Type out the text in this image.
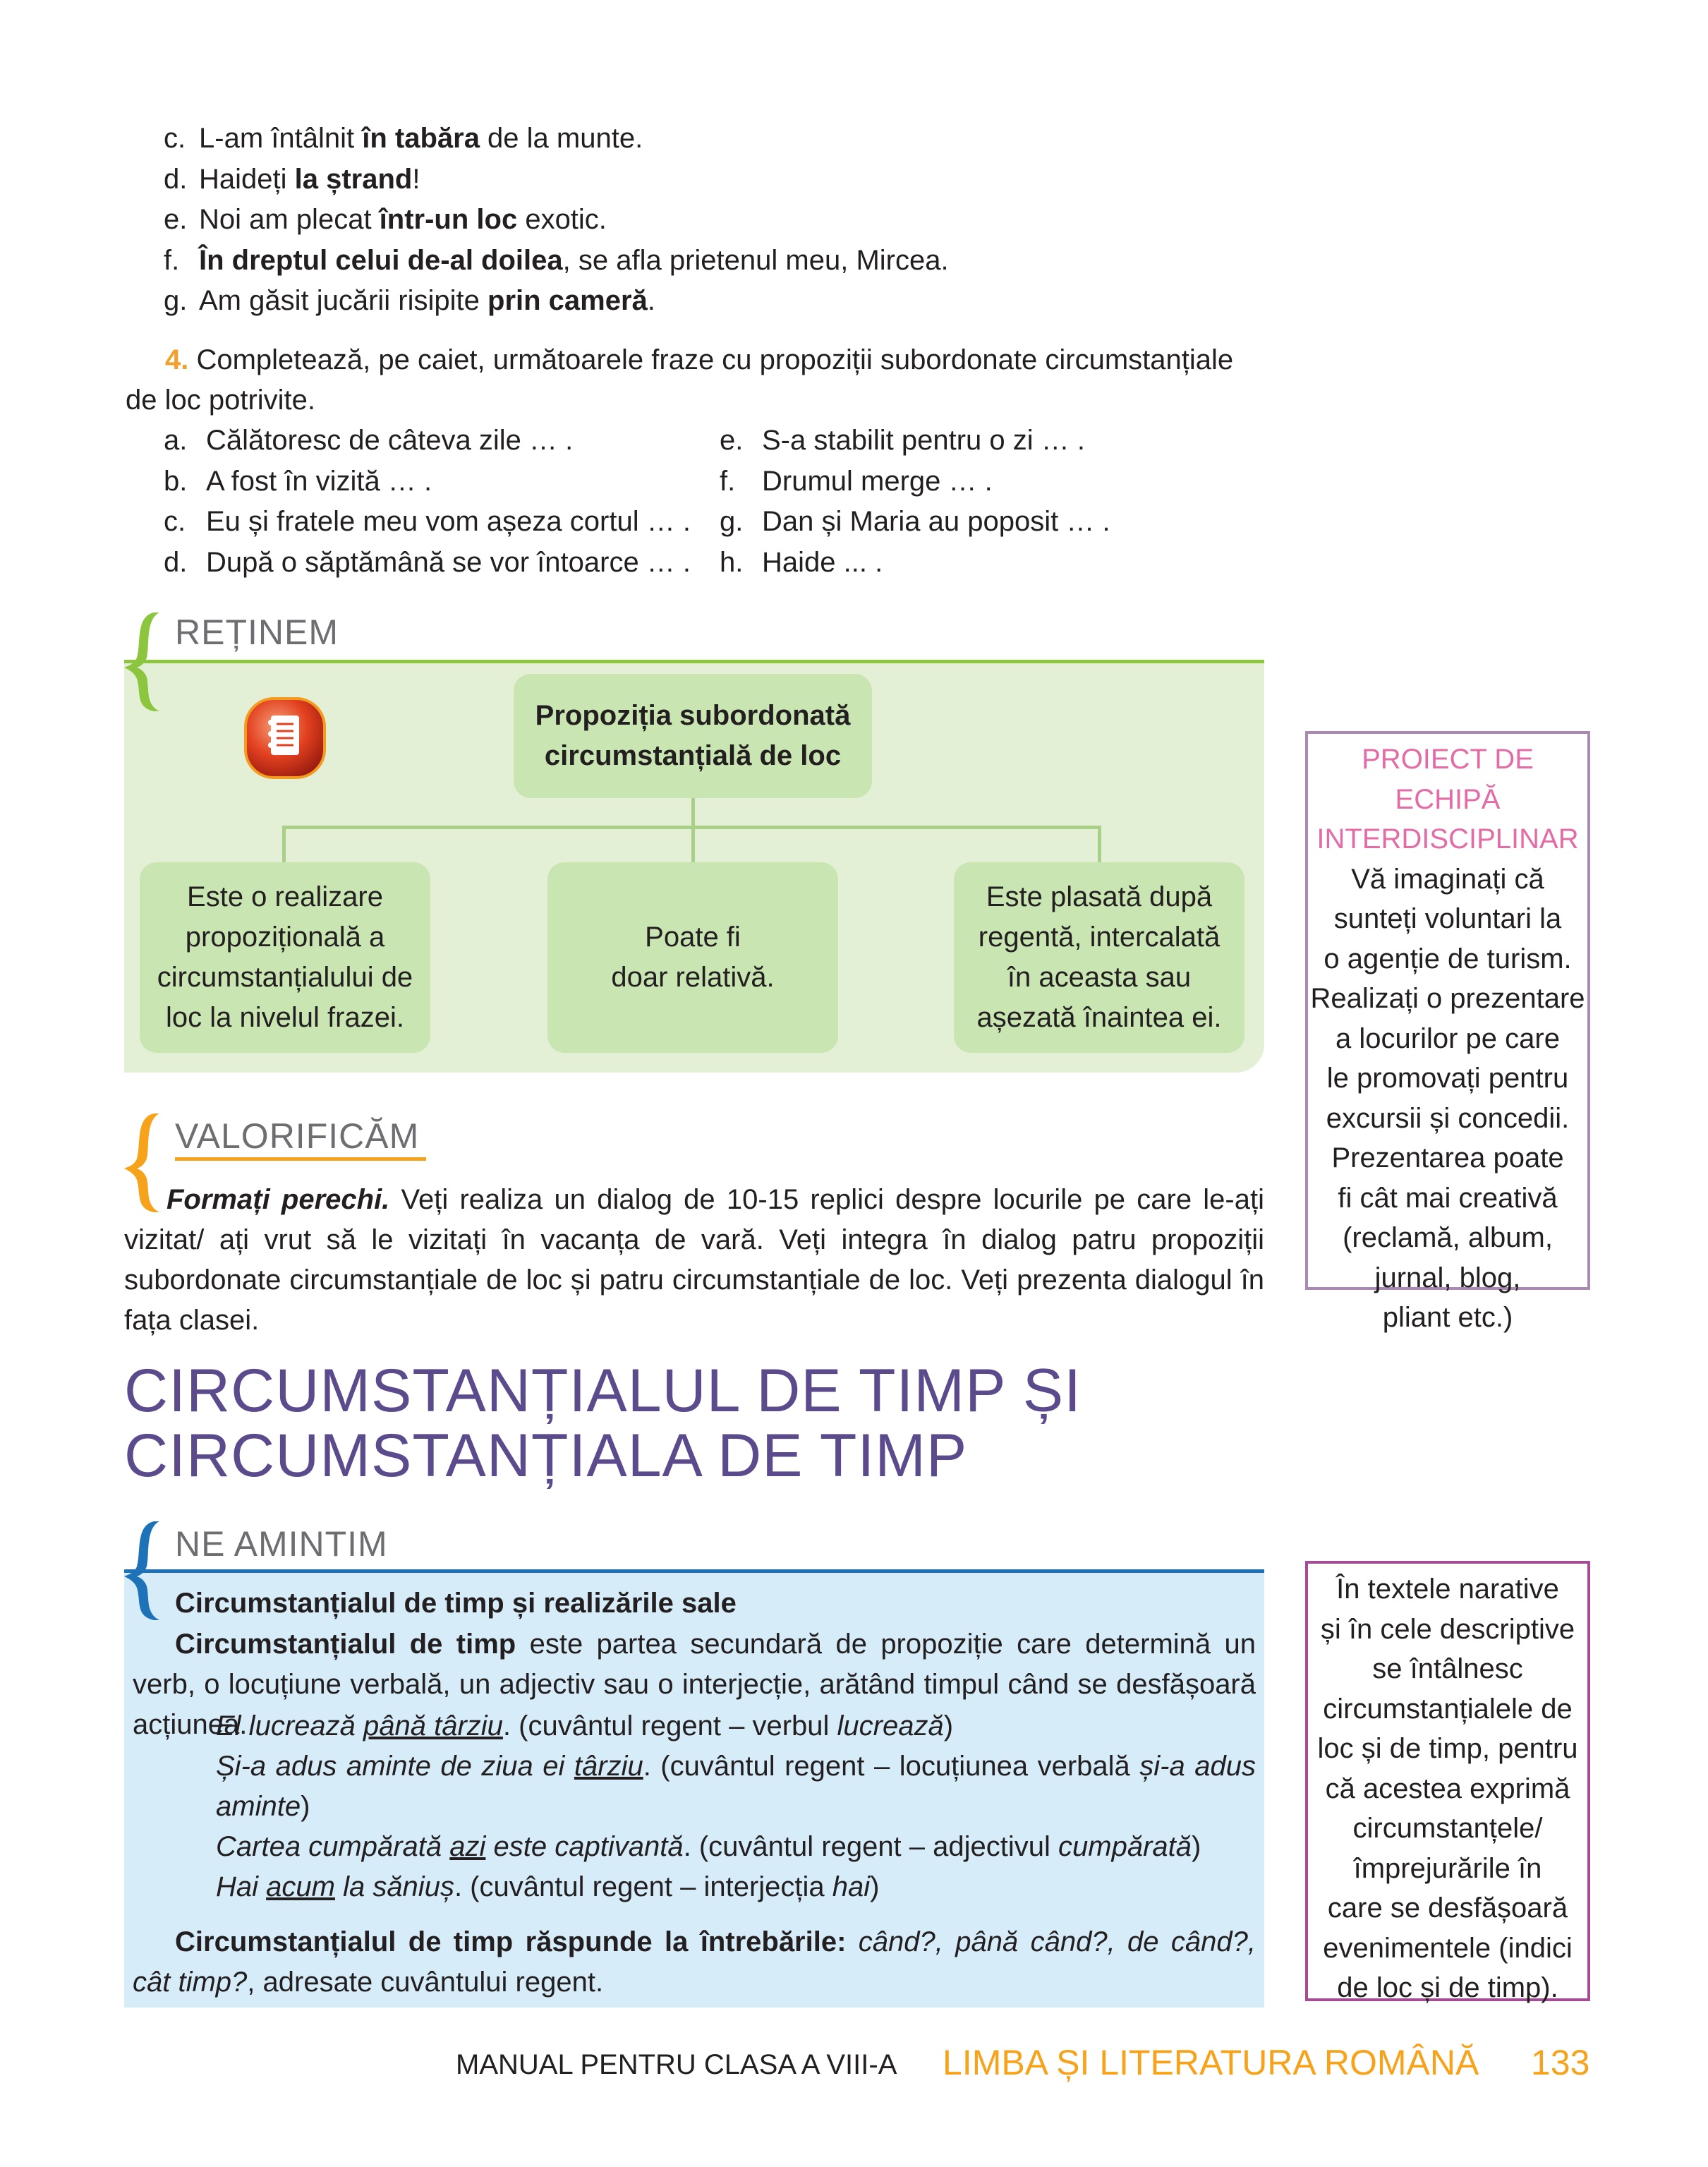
c. L-am întâlnit în tabăra de la munte.
d. Haideți la ștrand!
e. Noi am plecat într-un loc exotic.
f. În dreptul celui de-al doilea, se afla prietenul meu, Mircea.
g. Am găsit jucării risipite prin cameră.
4. Completează, pe caiet, următoarele fraze cu propoziții subordonate circumstanțiale de loc potrivite.
a. Călătoresc de câteva zile … .
b. A fost în vizită … .
c. Eu și fratele meu vom așeza cortul … .
d. După o săptămână se vor întoarce … .
e. S-a stabilit pentru o zi … .
f. Drumul merge … .
g. Dan și Maria au poposit … .
h. Haide ... .
REȚINEM
Propoziția subordonată
circumstanțială de loc
Este o realizare
propozițională a
circumstanțialului de
loc la nivelul frazei.
Poate fi
doar relativă.
Este plasată după
regentă, intercalată
în aceasta sau
așezată înaintea ei.
PROIECT DE ECHIPĂ
INTERDISCIPLINAR
Vă imaginați că
sunteți voluntari la
o agenție de turism.
Realizați o prezentare
a locurilor pe care
le promovați pentru
excursii și concedii.
Prezentarea poate
fi cât mai creativă
(reclamă, album,
jurnal, blog,
pliant etc.)
VALORIFICĂM
Formați perechi. Veți realiza un dialog de 10-15 replici despre locurile pe care le-ați vizitat/ ați vrut să le vizitați în vacanța de vară. Veți integra în dialog patru propoziții subordonate circumstanțiale de loc și patru circumstanțiale de loc. Veți prezenta dialogul în fața clasei.
CIRCUMSTANȚIALUL DE TIMP ȘI
CIRCUMSTANȚIALA DE TIMP
NE AMINTIM
Circumstanțialul de timp și realizările sale
Circumstanțialul de timp este partea secundară de propoziție care determină un verb, o locuțiune verbală, un adjectiv sau o interjecție, arătând timpul când se desfășoară acțiunea.
El lucrează până târziu. (cuvântul regent – verbul lucrează)
Și-a adus aminte de ziua ei târziu. (cuvântul regent – locuțiunea verbală și-a adus aminte)
Cartea cumpărată azi este captivantă. (cuvântul regent – adjectivul cumpărată)
Hai acum la săniuș. (cuvântul regent – interjecția hai)
Circumstanțialul de timp răspunde la întrebările: când?, până când?, de când?, cât timp?, adresate cuvântului regent.
În textele narative
și în cele descriptive
se întâlnesc
circumstanțialele de
loc și de timp, pentru
că acestea exprimă
circumstanțele/
împrejurările în
care se desfășoară
evenimentele (indici
de loc și de timp).
MANUAL PENTRU CLASA A VIII-A LIMBA ȘI LITERATURA ROMÂNĂ 133
